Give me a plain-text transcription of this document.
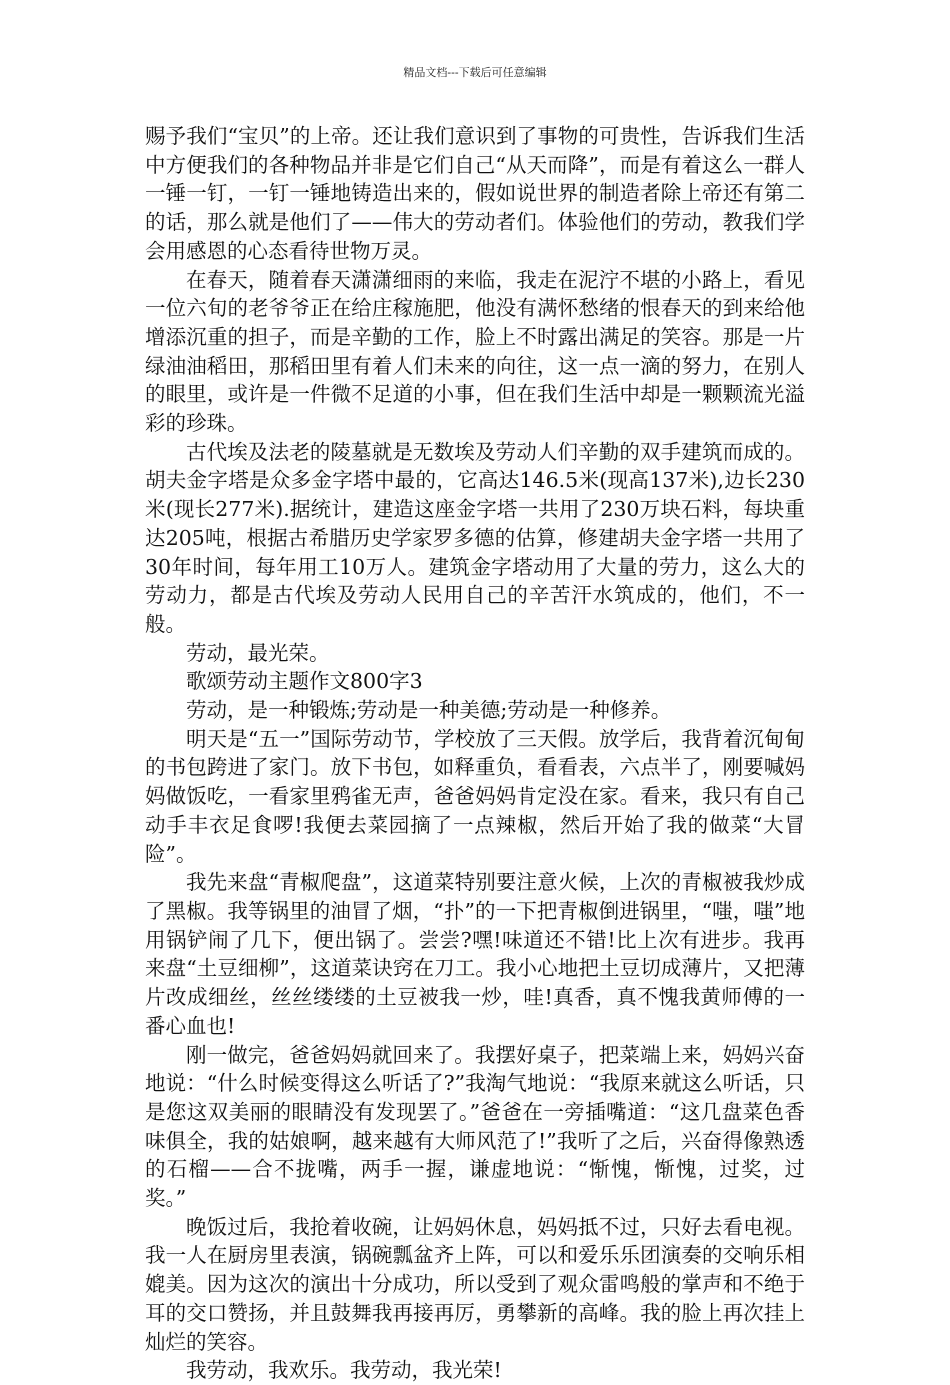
精品文档---下载后可任意编辑

赐予我们“宝贝”的上帝。还让我们意识到了事物的可贵性，告诉我们生活中方便我们的各种物品并非是它们自己“从天而降”，而是有着这么一群人一锤一钉，一钉一锤地铸造出来的，假如说世界的制造者除上帝还有第二的话，那么就是他们了——伟大的劳动者们。体验他们的劳动，教我们学会用感恩的心态看待世物万灵。

在春天，随着春天潇潇细雨的来临，我走在泥泞不堪的小路上，看见一位六旬的老爷爷正在给庄稼施肥，他没有满怀愁绪的恨春天的到来给他增添沉重的担子，而是辛勤的工作，脸上不时露出满足的笑容。那是一片绿油油稻田，那稻田里有着人们未来的向往，这一点一滴的努力，在别人的眼里，或许是一件微不足道的小事，但在我们生活中却是一颗颗流光溢彩的珍珠。

古代埃及法老的陵墓就是无数埃及劳动人们辛勤的双手建筑而成的。胡夫金字塔是众多金字塔中最的，它高达146.5米(现高137米),边长230米(现长277米).据统计，建造这座金字塔一共用了230万块石料，每块重达205吨，根据古希腊历史学家罗多德的估算，修建胡夫金字塔一共用了30年时间，每年用工10万人。建筑金字塔动用了大量的劳力，这么大的劳动力，都是古代埃及劳动人民用自己的辛苦汗水筑成的，他们，不一般。

劳动，最光荣。

歌颂劳动主题作文800字3

劳动，是一种锻炼;劳动是一种美德;劳动是一种修养。

明天是“五一”国际劳动节，学校放了三天假。放学后，我背着沉甸甸的书包跨进了家门。放下书包，如释重负，看看表，六点半了，刚要喊妈妈做饭吃，一看家里鸦雀无声，爸爸妈妈肯定没在家。看来，我只有自己动手丰衣足食啰!我便去菜园摘了一点辣椒，然后开始了我的做菜“大冒险”。

我先来盘“青椒爬盘”，这道菜特别要注意火候，上次的青椒被我炒成了黑椒。我等锅里的油冒了烟，“扑”的一下把青椒倒进锅里，“嗤，嗤”地用锅铲闹了几下，便出锅了。尝尝?嘿!味道还不错!比上次有进步。我再来盘“土豆细柳”，这道菜诀窍在刀工。我小心地把土豆切成薄片，又把薄片改成细丝，丝丝缕缕的土豆被我一炒，哇!真香，真不愧我黄师傅的一番心血也!

刚一做完，爸爸妈妈就回来了。我摆好桌子，把菜端上来，妈妈兴奋地说：“什么时候变得这么听话了?”我淘气地说：“我原来就这么听话，只是您这双美丽的眼睛没有发现罢了。”爸爸在一旁插嘴道：“这几盘菜色香味俱全，我的姑娘啊，越来越有大师风范了!”我听了之后，兴奋得像熟透的石榴——合不拢嘴，两手一握，谦虚地说：“惭愧，惭愧，过奖，过奖。”

晚饭过后，我抢着收碗，让妈妈休息，妈妈抵不过，只好去看电视。我一人在厨房里表演，锅碗瓢盆齐上阵，可以和爱乐乐团演奏的交响乐相媲美。因为这次的演出十分成功，所以受到了观众雷鸣般的掌声和不绝于耳的交口赞扬，并且鼓舞我再接再厉，勇攀新的高峰。我的脸上再次挂上灿烂的笑容。

我劳动，我欢乐。我劳动，我光荣!
